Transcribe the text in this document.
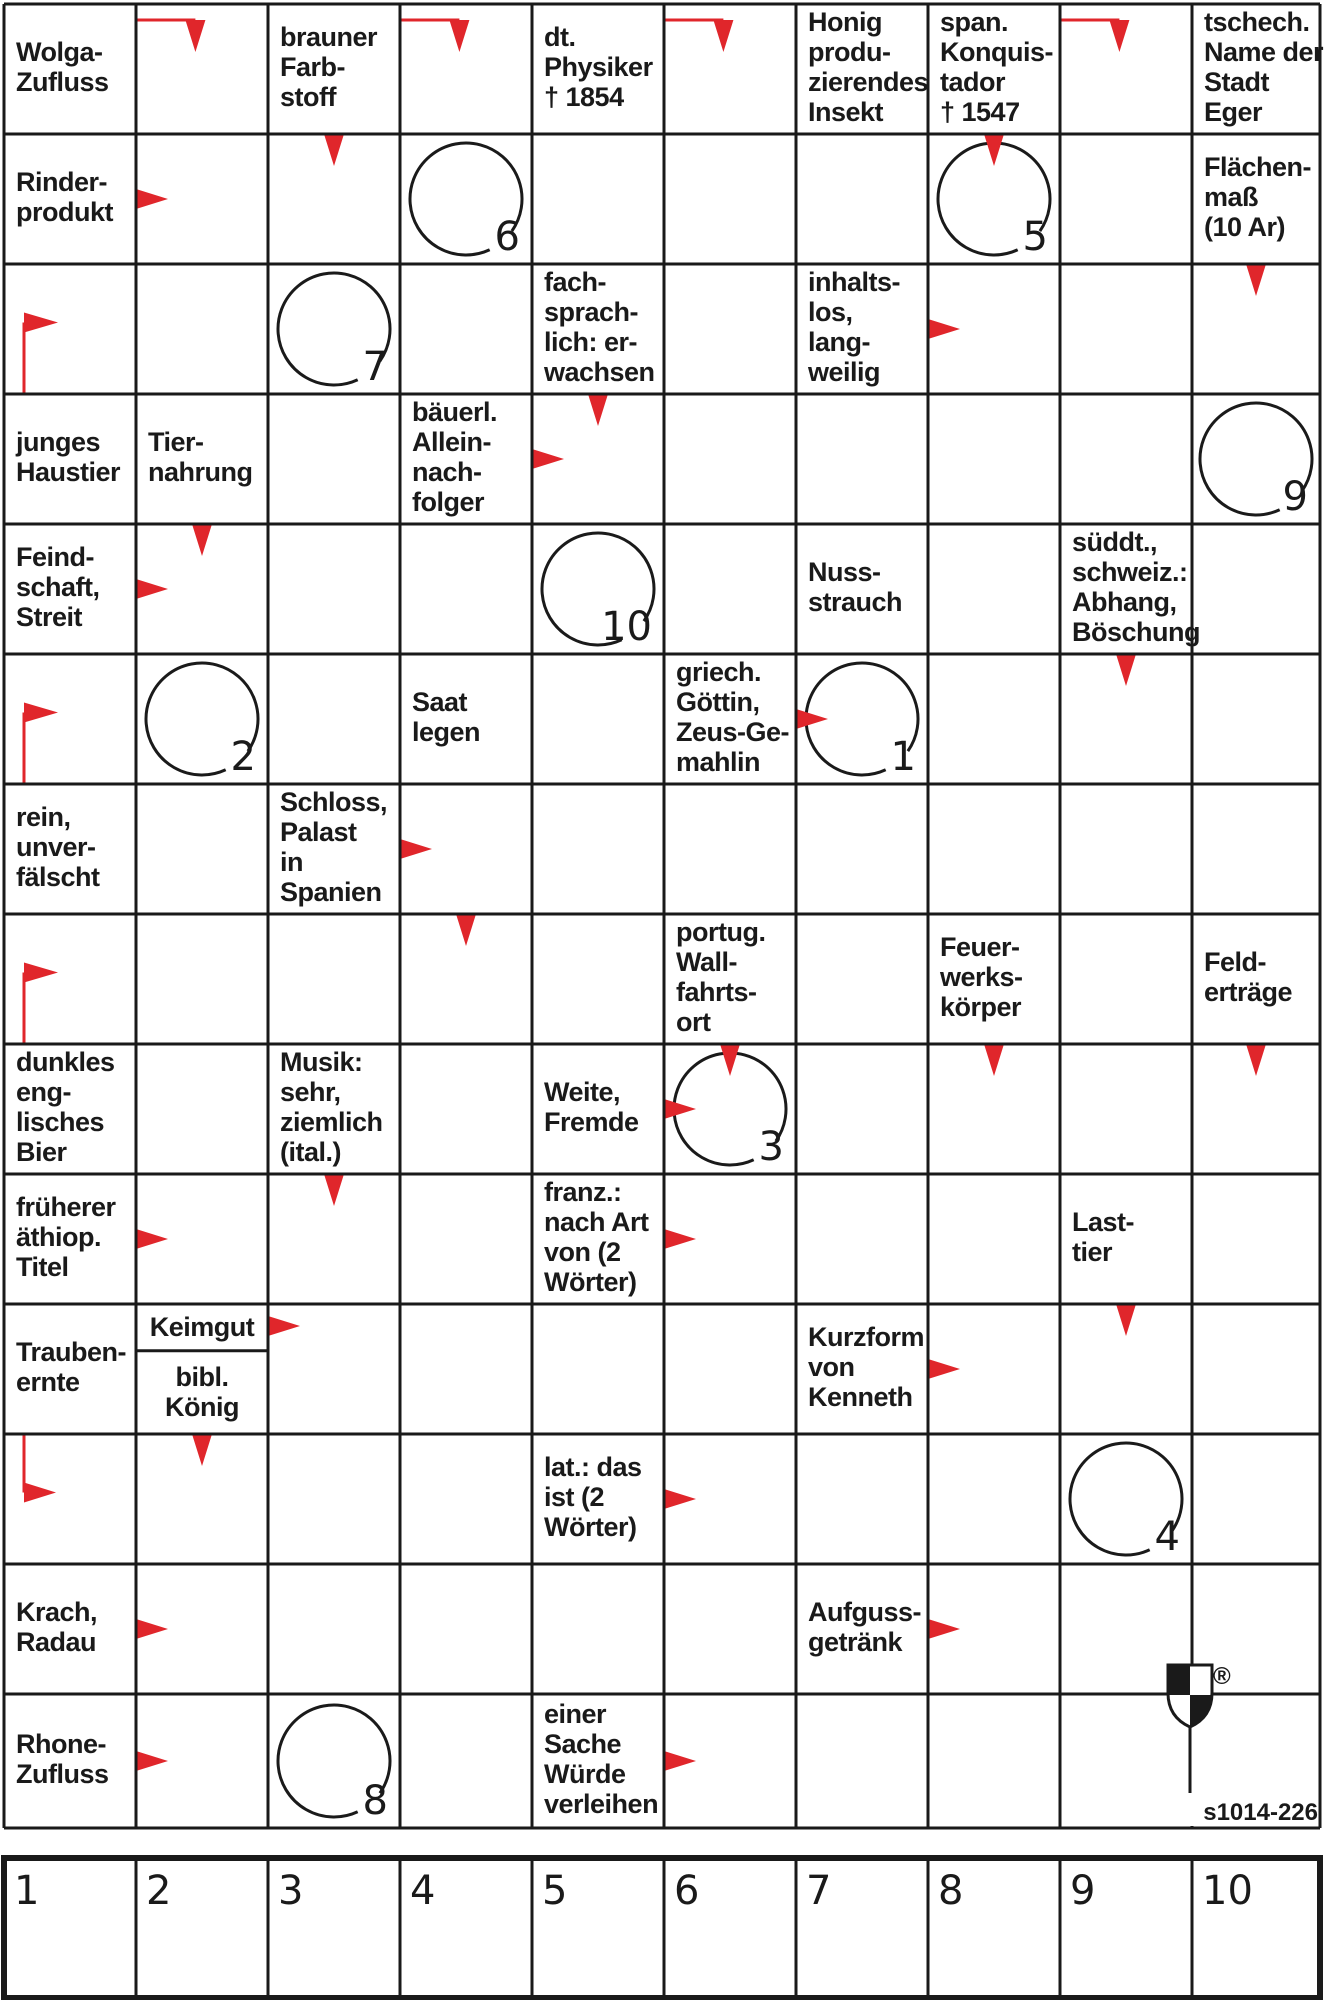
Wolga-Zufluss
brauner Farb-stoff
dt. Physiker † 1854
Honig produ-zierendes Insekt
span. Konquis-tador † 1547
tschech. Name der Stadt Eger
Rinder-produkt
Flächen-maß (10 Ar)
fach-sprach-lich: er-wachsen
inhalts-los, lang-weilig
junges Haustier
Tier-nahrung
bäuerl. Allein-nach-folger
Feind-schaft, Streit
Nuss-strauch
süddt., schweiz.: Abhang, Böschung
Saat legen
griech. Göttin, Zeus-Ge-mahlin
rein, unver-fälscht
Schloss, Palast in Spanien
portug. Wall-fahrts-ort
Feuer-werks-körper
Feld-erträge
dunkles eng-lisches Bier
Musik: sehr, ziemlich (ital.)
Weite, Fremde
früherer äthiop. Titel
franz.: nach Art von (2 Wörter)
Last-tier
Trauben-ernte
Kurzform von Kenneth
lat.: das ist (2 Wörter)
Krach, Radau
Aufguss-getränk
Rhone-Zufluss
einer Sache Würde verleihen
Keimgut
bibl. König
6	5
7
9
10
2	1
3
4
8
®
s1014-226
1	2	3	4	5	6	7	8	9	10
